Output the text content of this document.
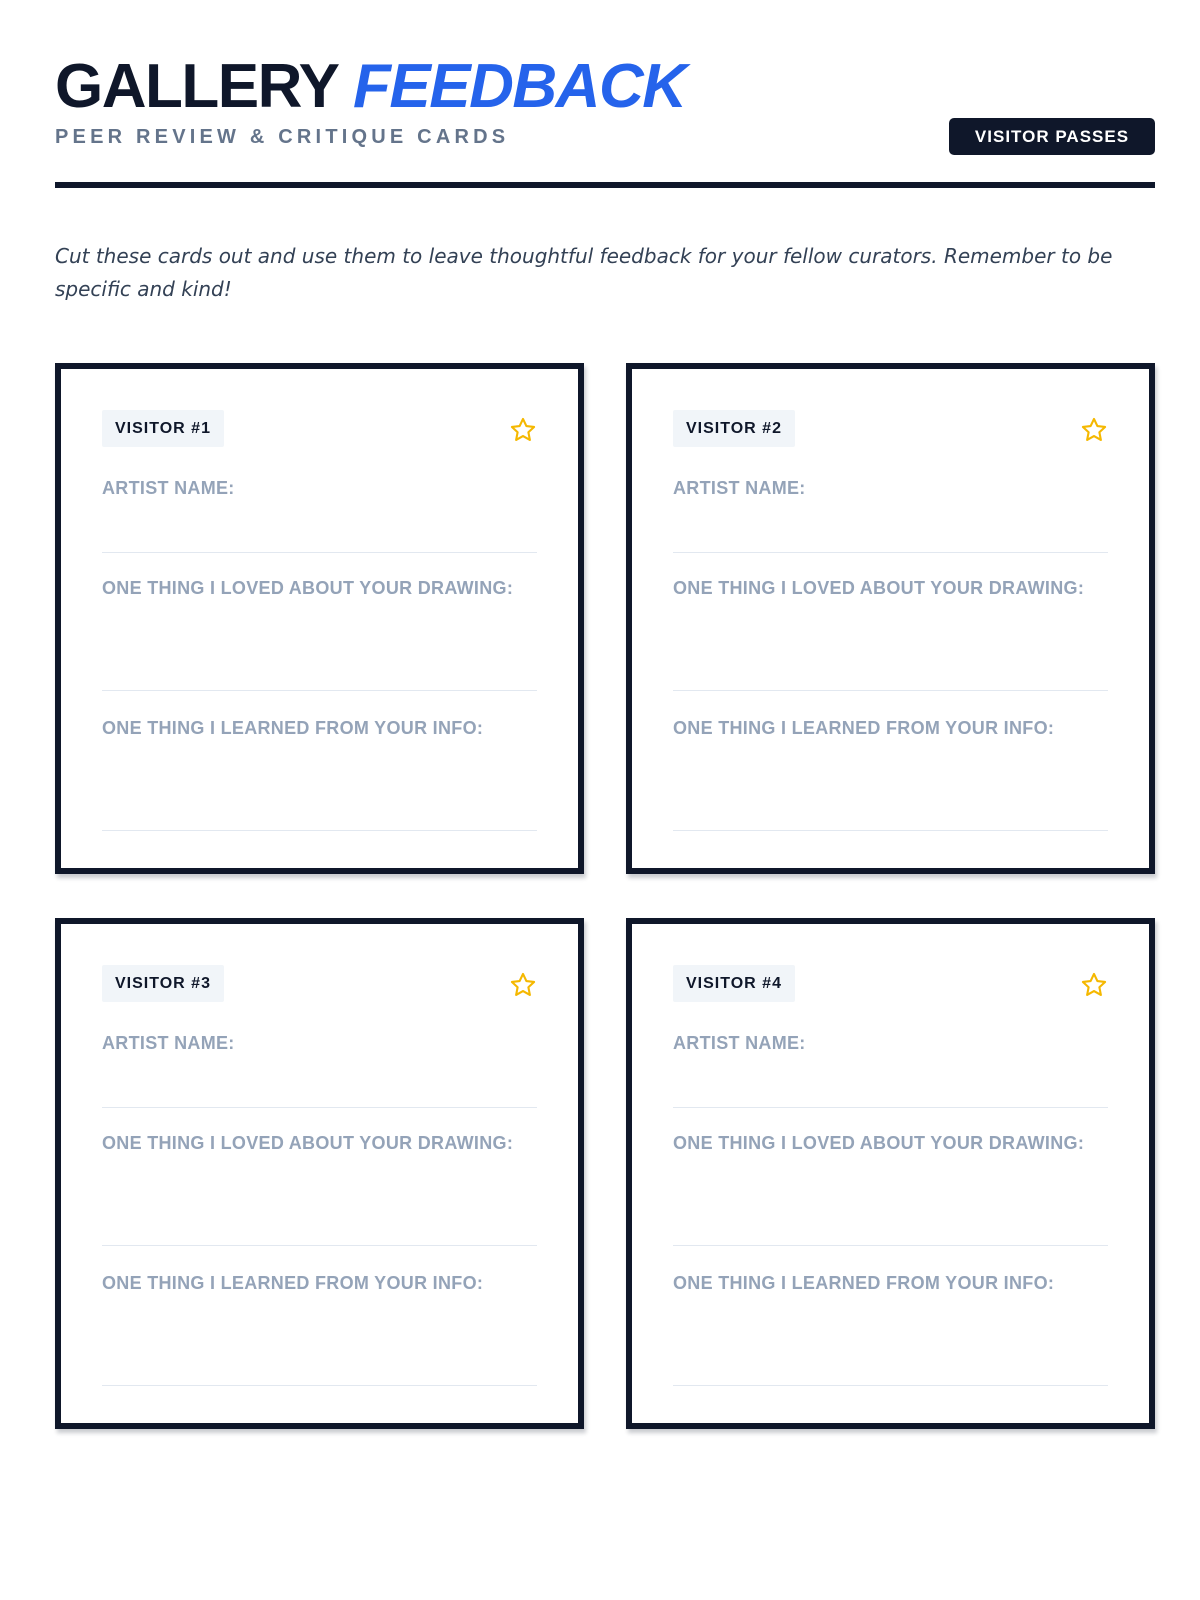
GALLERY FEEDBACK
PEER REVIEW & CRITIQUE CARDS	VISITOR PASSES

Cut these cards out and use them to leave thoughtful feedback for your fellow curators. Remember to be specific and kind!

VISITOR #1
ARTIST NAME:
ONE THING I LOVED ABOUT YOUR DRAWING:
ONE THING I LEARNED FROM YOUR INFO:
VISITOR #2
ARTIST NAME:
ONE THING I LOVED ABOUT YOUR DRAWING:
ONE THING I LEARNED FROM YOUR INFO:
VISITOR #3
ARTIST NAME:
ONE THING I LOVED ABOUT YOUR DRAWING:
ONE THING I LEARNED FROM YOUR INFO:
VISITOR #4
ARTIST NAME:
ONE THING I LOVED ABOUT YOUR DRAWING:
ONE THING I LEARNED FROM YOUR INFO:
